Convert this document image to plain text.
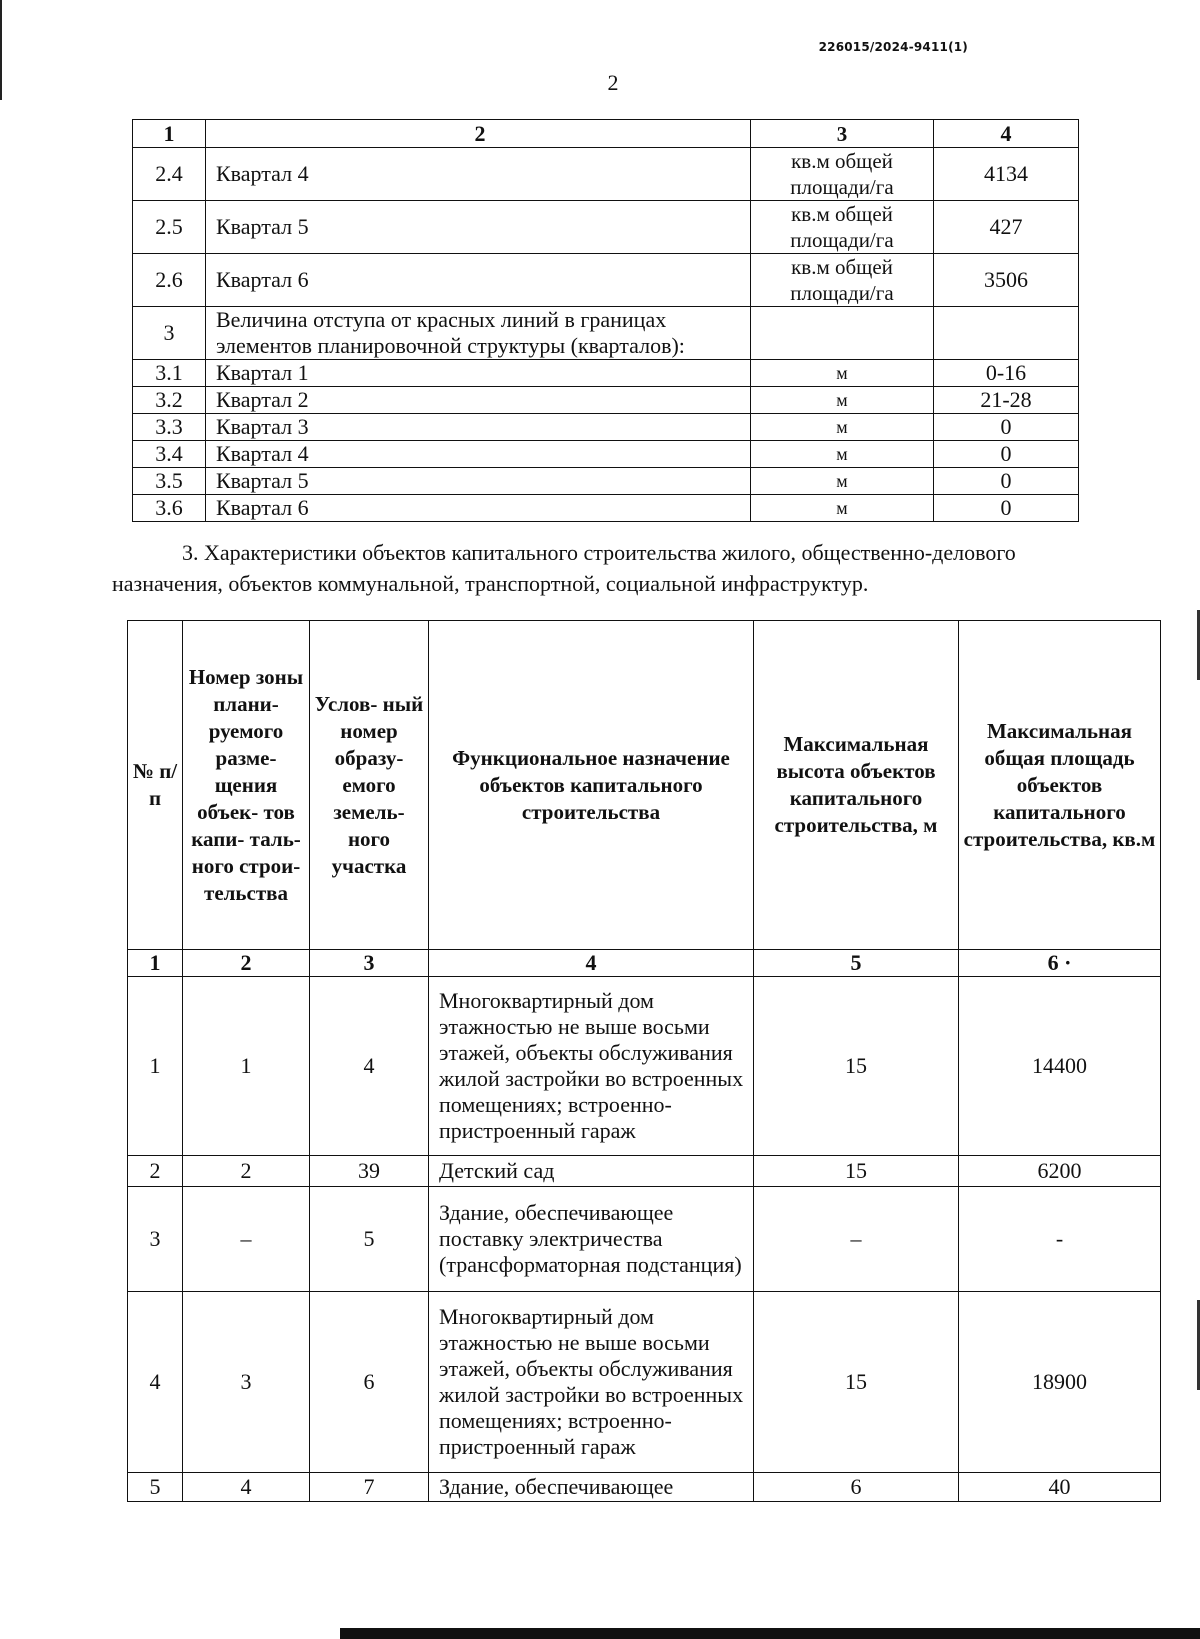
226015/2024-9411(1)
2
1	2	3	4
2.4	Квартал 4	кв.м общей площади/га	4134
2.5	Квартал 5	кв.м общей площади/га	427
2.6	Квартал 6	кв.м общей площади/га	3506
3	Величина отступа от красных линий в границах элементов планировочной структуры (кварталов):		
3.1	Квартал 1	м	0-16
3.2	Квартал 2	м	21-28
3.3	Квартал 3	м	0
3.4	Квартал 4	м	0
3.5	Квартал 5	м	0
3.6	Квартал 6	м	0
3. Характеристики объектов капитального строительства жилого, общественно-делового
назначения, объектов коммунальной, транспортной, социальной инфраструктур.
№ п/п	Номер зоны плани- руемого разме- щения объек- тов капи- таль- ного строи- тельства	Услов- ный номер образу- емого земель- ного участка	Функциональное назначение объектов капитального строительства	Максимальная высота объектов капитального строительства, м	Максимальная общая площадь объектов капитального строительства, кв.м
1	2	3	4	5	6 ·
1	1	4	Многоквартирный дом этажностью не выше восьми этажей, объекты обслуживания жилой застройки во встроенных помещениях; встроенно-пристроенный гараж	15	14400
2	2	39	Детский сад	15	6200
3	–	5	Здание, обеспечивающее поставку электричества (трансформаторная подстанция)	–	-
4	3	6	Многоквартирный дом этажностью не выше восьми этажей, объекты обслуживания жилой застройки во встроенных помещениях; встроенно-пристроенный гараж	15	18900
5	4	7	Здание, обеспечивающее	6	40
